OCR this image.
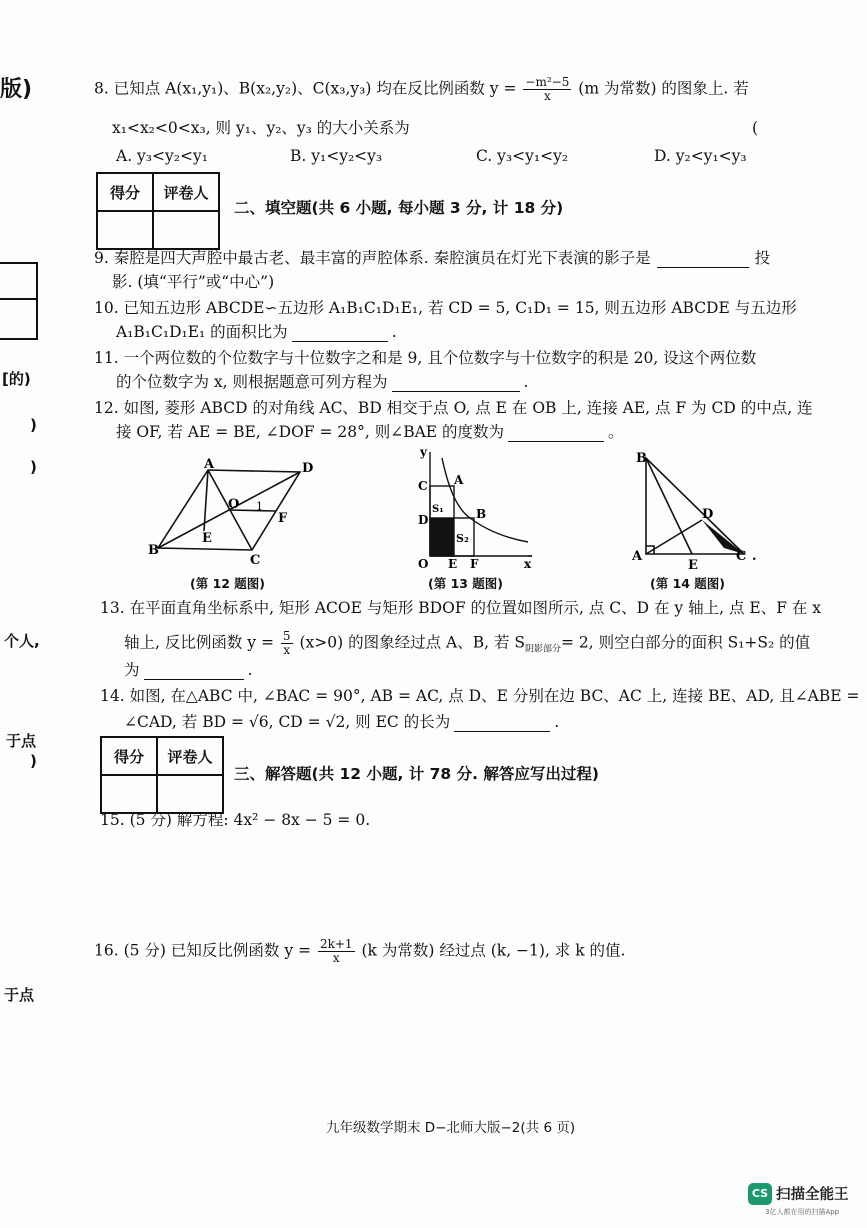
版)
[的)
)
)
个人,
于点
)
于点
8. 已知点 A(x₁,y₁)、B(x₂,y₂)、C(x₃,y₃) 均在反比例函数 $y = \frac{\text{−m²−5}}{x} (m$ 为常数) 的图象上. 若
x₁<x₂<0<x₃, 则 y₁、y₂、y₃ 的大小关系为	(
A. y₃<y₂<y₁	B. y₁<y₂<y₃	C. y₃<y₁<y₂	D. y₂<y₁<y₃
得分	评卷人

二、填空题(共 6 小题, 每小题 3 分, 计 18 分)
9. 秦腔是四大声腔中最古老、最丰富的声腔体系. 秦腔演员在灯光下表演的影子是	投
影. (填“平行”或“中心”)
10. 已知五边形 ABCDE∽五边形 A₁B₁C₁D₁E₁, 若 CD = 5, C₁D₁ = 15, 则五边形 ABCDE 与五边形
A₁B₁C₁D₁E₁ 的面积比为	.
11. 一个两位数的个位数字与十位数字之和是 9, 且个位数字与十位数字的积是 20, 设这个两位数
的个位数字为 x, 则根据题意可列方程为	.
12. 如图, 菱形 ABCD 的对角线 AC、BD 相交于点 O, 点 E 在 OB 上, 连接 AE, 点 F 为 CD 的中点, 连
接 OF, 若 AE = BE, ∠DOF = 28°, 则∠BAE 的度数为	。
A	D
O
F
E
B
C
1
(第 12 题图)
y
C A
D	B
S₁
S₂
O E F	x
(第 13 题图)
B
D
A
E
C .
(第 14 题图)
13. 在平面直角坐标系中, 矩形 ACOE 与矩形 BDOF 的位置如图所示, 点 C、D 在 y 轴上, 点 E、F 在 x
轴上, 反比例函数 $y = \frac{5}{x} (x>0)$ 的图象经过点 A、B, 若 $S_{阴影部分}= 2$, 则空白部分的面积 S₁+S₂ 的值
为	.
14. 如图, 在△ABC 中, ∠BAC = 90°, AB = AC, 点 D、E 分别在边 BC、AC 上, 连接 BE、AD, 且∠ABE =
∠CAD, 若 BD = √6, CD = √2, 则 EC 的长为	.
得分	评卷人

三、解答题(共 12 小题, 计 78 分. 解答应写出过程)
15. (5 分) 解方程: 4x² − 8x − 5 = 0.
16. (5 分) 已知反比例函数 $y = \frac{2k+1}{x} (k$ 为常数) 经过点 (k, −1), 求 k 的值.
九年级数学期末 D−北师大版−2(共 6 页)
CS 扫描全能王
3亿人都在用的扫描App
